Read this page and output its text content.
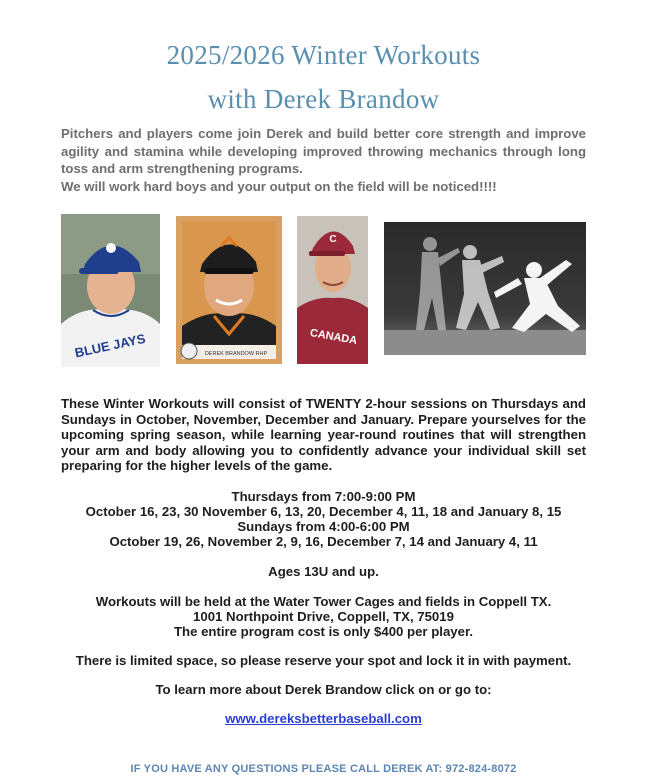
2025/2026 Winter Workouts
with Derek Brandow

Pitchers and players come join Derek and build better core strength and improve agility and stamina while developing improved throwing mechanics through long toss and arm strengthening programs.

We will work hard boys and your output on the field will be noticed!!!!

BLUE JAYS	DEREK BRANDOW RHP
C
CANADA
These Winter Workouts will consist of TWENTY 2-hour sessions on Thursdays and Sundays in October, November, December and January. Prepare yourselves for the upcoming spring season, while learning year-round routines that will strengthen your arm and body allowing you to confidently advance your individual skill set preparing for the higher levels of the game.
Thursdays from 7:00-9:00 PM
October 16, 23, 30 November 6, 13, 20, December 4, 11, 18 and January 8, 15
Sundays from 4:00-6:00 PM
October 19, 26, November 2, 9, 16, December 7, 14 and January 4, 11
Ages 13U and up.
Workouts will be held at the Water Tower Cages and fields in Coppell TX.
1001 Northpoint Drive, Coppell, TX, 75019
The entire program cost is only $400 per player.
There is limited space, so please reserve your spot and lock it in with payment.
To learn more about Derek Brandow click on or go to:
www.dereksbetterbaseball.com
IF YOU HAVE ANY QUESTIONS PLEASE CALL DEREK AT: 972-824-8072
